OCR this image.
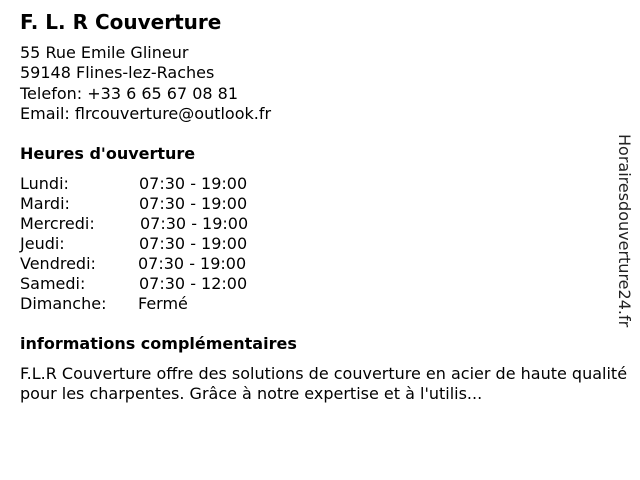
F. L. R Couverture
55 Rue Emile Glineur
59148 Flines-lez-Raches
Telefon: +33 6 65 67 08 81
Email: flrcouverture@outlook.fr
Heures d'ouverture
Lundi:	07:30 - 19:00
Mardi:	07:30 - 19:00
Mercredi:	07:30 - 19:00
Jeudi:	07:30 - 19:00
Vendredi:	07:30 - 19:00
Samedi:	07:30 - 12:00
Dimanche: Fermé
informations complémentaires

F.L.R Couverture offre des solutions de couverture en acier de haute qualité pour les charpentes. Grâce à notre expertise et à l'utilis...

Horairesdouverture24.fr
